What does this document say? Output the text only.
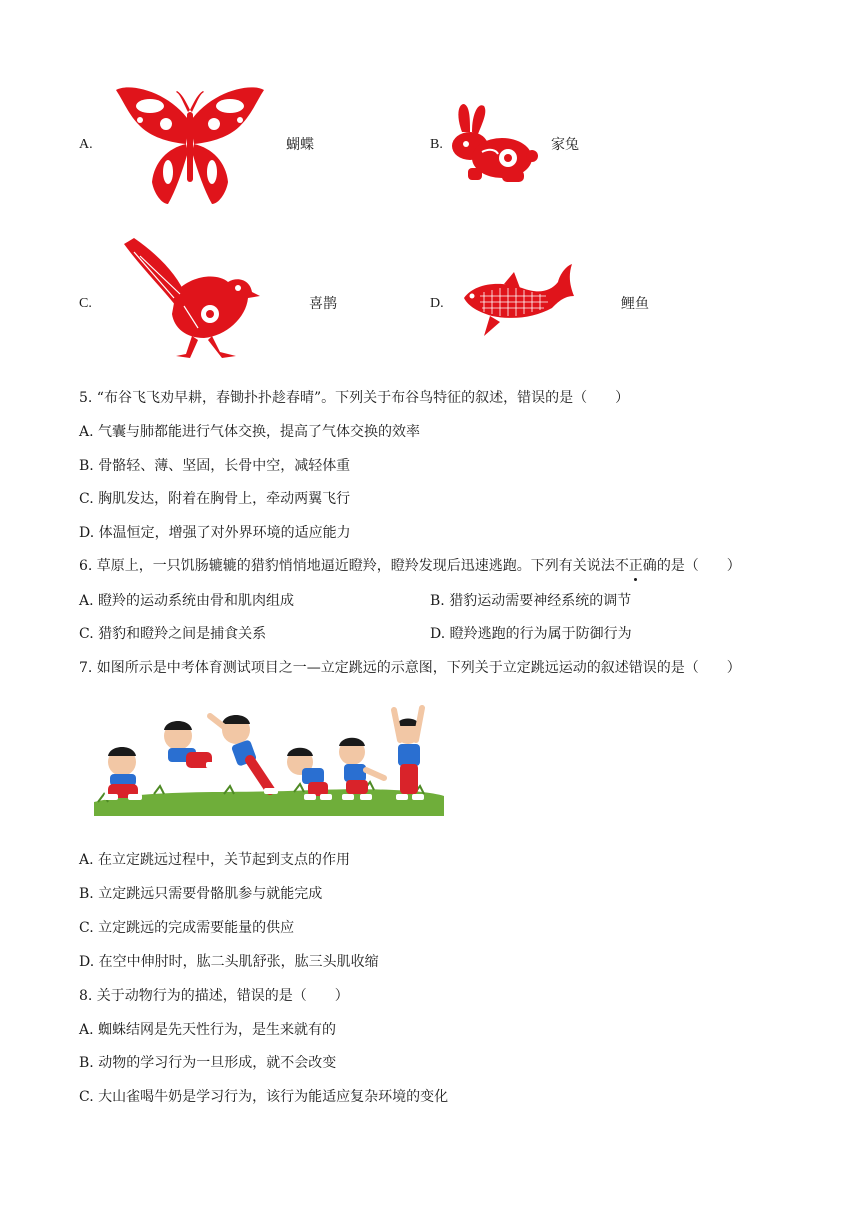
A.	蝴蝶	B.	家兔
C.	喜鹊	D.	鲤鱼
5. “布谷飞飞劝早耕，春锄扑扑趁春晴”。下列关于布谷鸟特征的叙述，错误的是（　　）
A. 气囊与肺都能进行气体交换，提高了气体交换的效率
B. 骨骼轻、薄、坚固，长骨中空，减轻体重
C. 胸肌发达，附着在胸骨上，牵动两翼飞行
D. 体温恒定，增强了对外界环境的适应能力
6. 草原上，一只饥肠辘辘的猎豹悄悄地逼近瞪羚，瞪羚发现后迅速逃跑。下列有关说法不正确的是（　　）
A. 瞪羚的运动系统由骨和肌肉组成	B. 猎豹运动需要神经系统的调节
C. 猎豹和瞪羚之间是捕食关系	D. 瞪羚逃跑的行为属于防御行为
7. 如图所示是中考体育测试项目之一—立定跳远的示意图，下列关于立定跳远运动的叙述错误的是（　　）
A. 在立定跳远过程中，关节起到支点的作用
B. 立定跳远只需要骨骼肌参与就能完成
C. 立定跳远的完成需要能量的供应
D. 在空中伸肘时，肱二头肌舒张，肱三头肌收缩
8. 关于动物行为的描述，错误的是（　　）
A. 蜘蛛结网是先天性行为，是生来就有的
B. 动物的学习行为一旦形成，就不会改变
C. 大山雀喝牛奶是学习行为，该行为能适应复杂环境的变化
